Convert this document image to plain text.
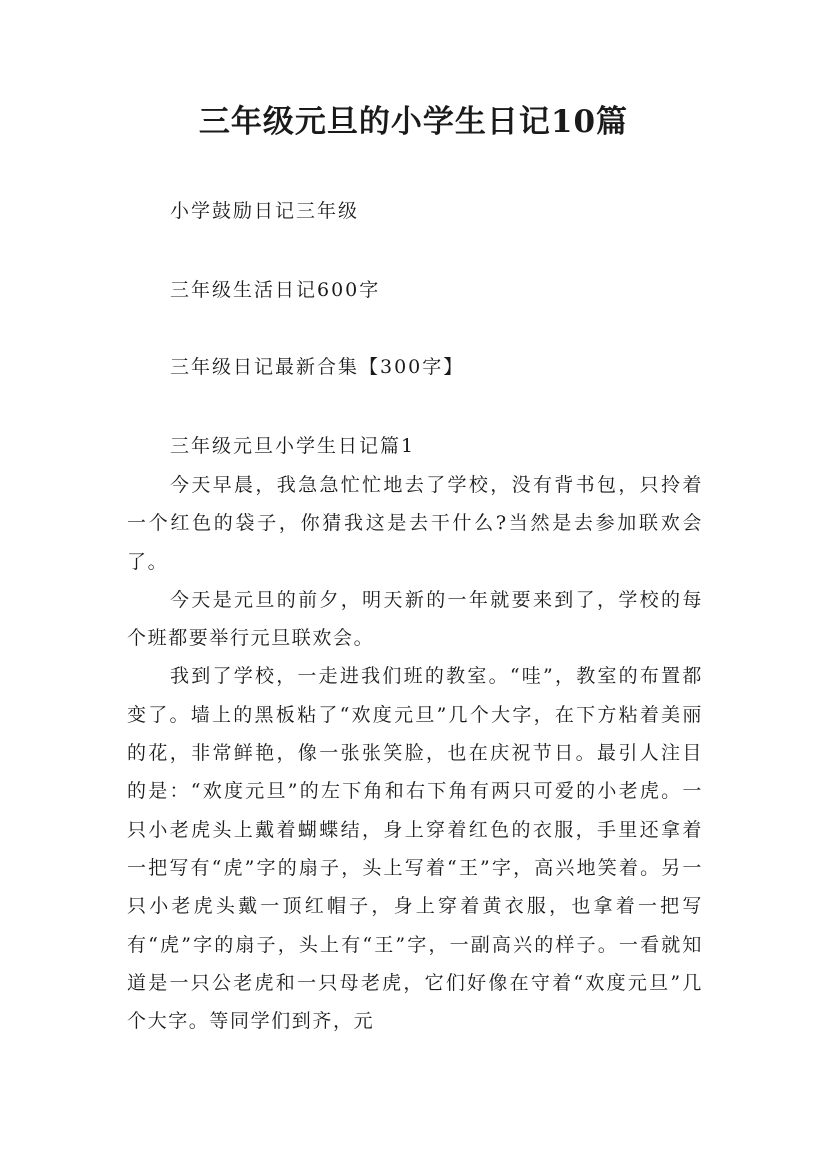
三年级元旦的小学生日记10篇
小学鼓励日记三年级
三年级生活日记600字
三年级日记最新合集【300字】
三年级元旦小学生日记篇1

今天早晨，我急急忙忙地去了学校，没有背书包，只拎着一个红色的袋子，你猜我这是去干什么?当然是去参加联欢会了。

今天是元旦的前夕，明天新的一年就要来到了，学校的每个班都要举行元旦联欢会。

我到了学校，一走进我们班的教室。“哇”，教室的布置都变了。墙上的黑板粘了“欢度元旦”几个大字，在下方粘着美丽的花，非常鲜艳，像一张张笑脸，也在庆祝节日。最引人注目的是：“欢度元旦”的左下角和右下角有两只可爱的小老虎。一只小老虎头上戴着蝴蝶结，身上穿着红色的衣服，手里还拿着一把写有“虎”字的扇子，头上写着“王”字，高兴地笑着。另一只小老虎头戴一顶红帽子，身上穿着黄衣服，也拿着一把写有“虎”字的扇子，头上有“王”字，一副高兴的样子。一看就知道是一只公老虎和一只母老虎，它们好像在守着“欢度元旦”几个大字。等同学们到齐，元
